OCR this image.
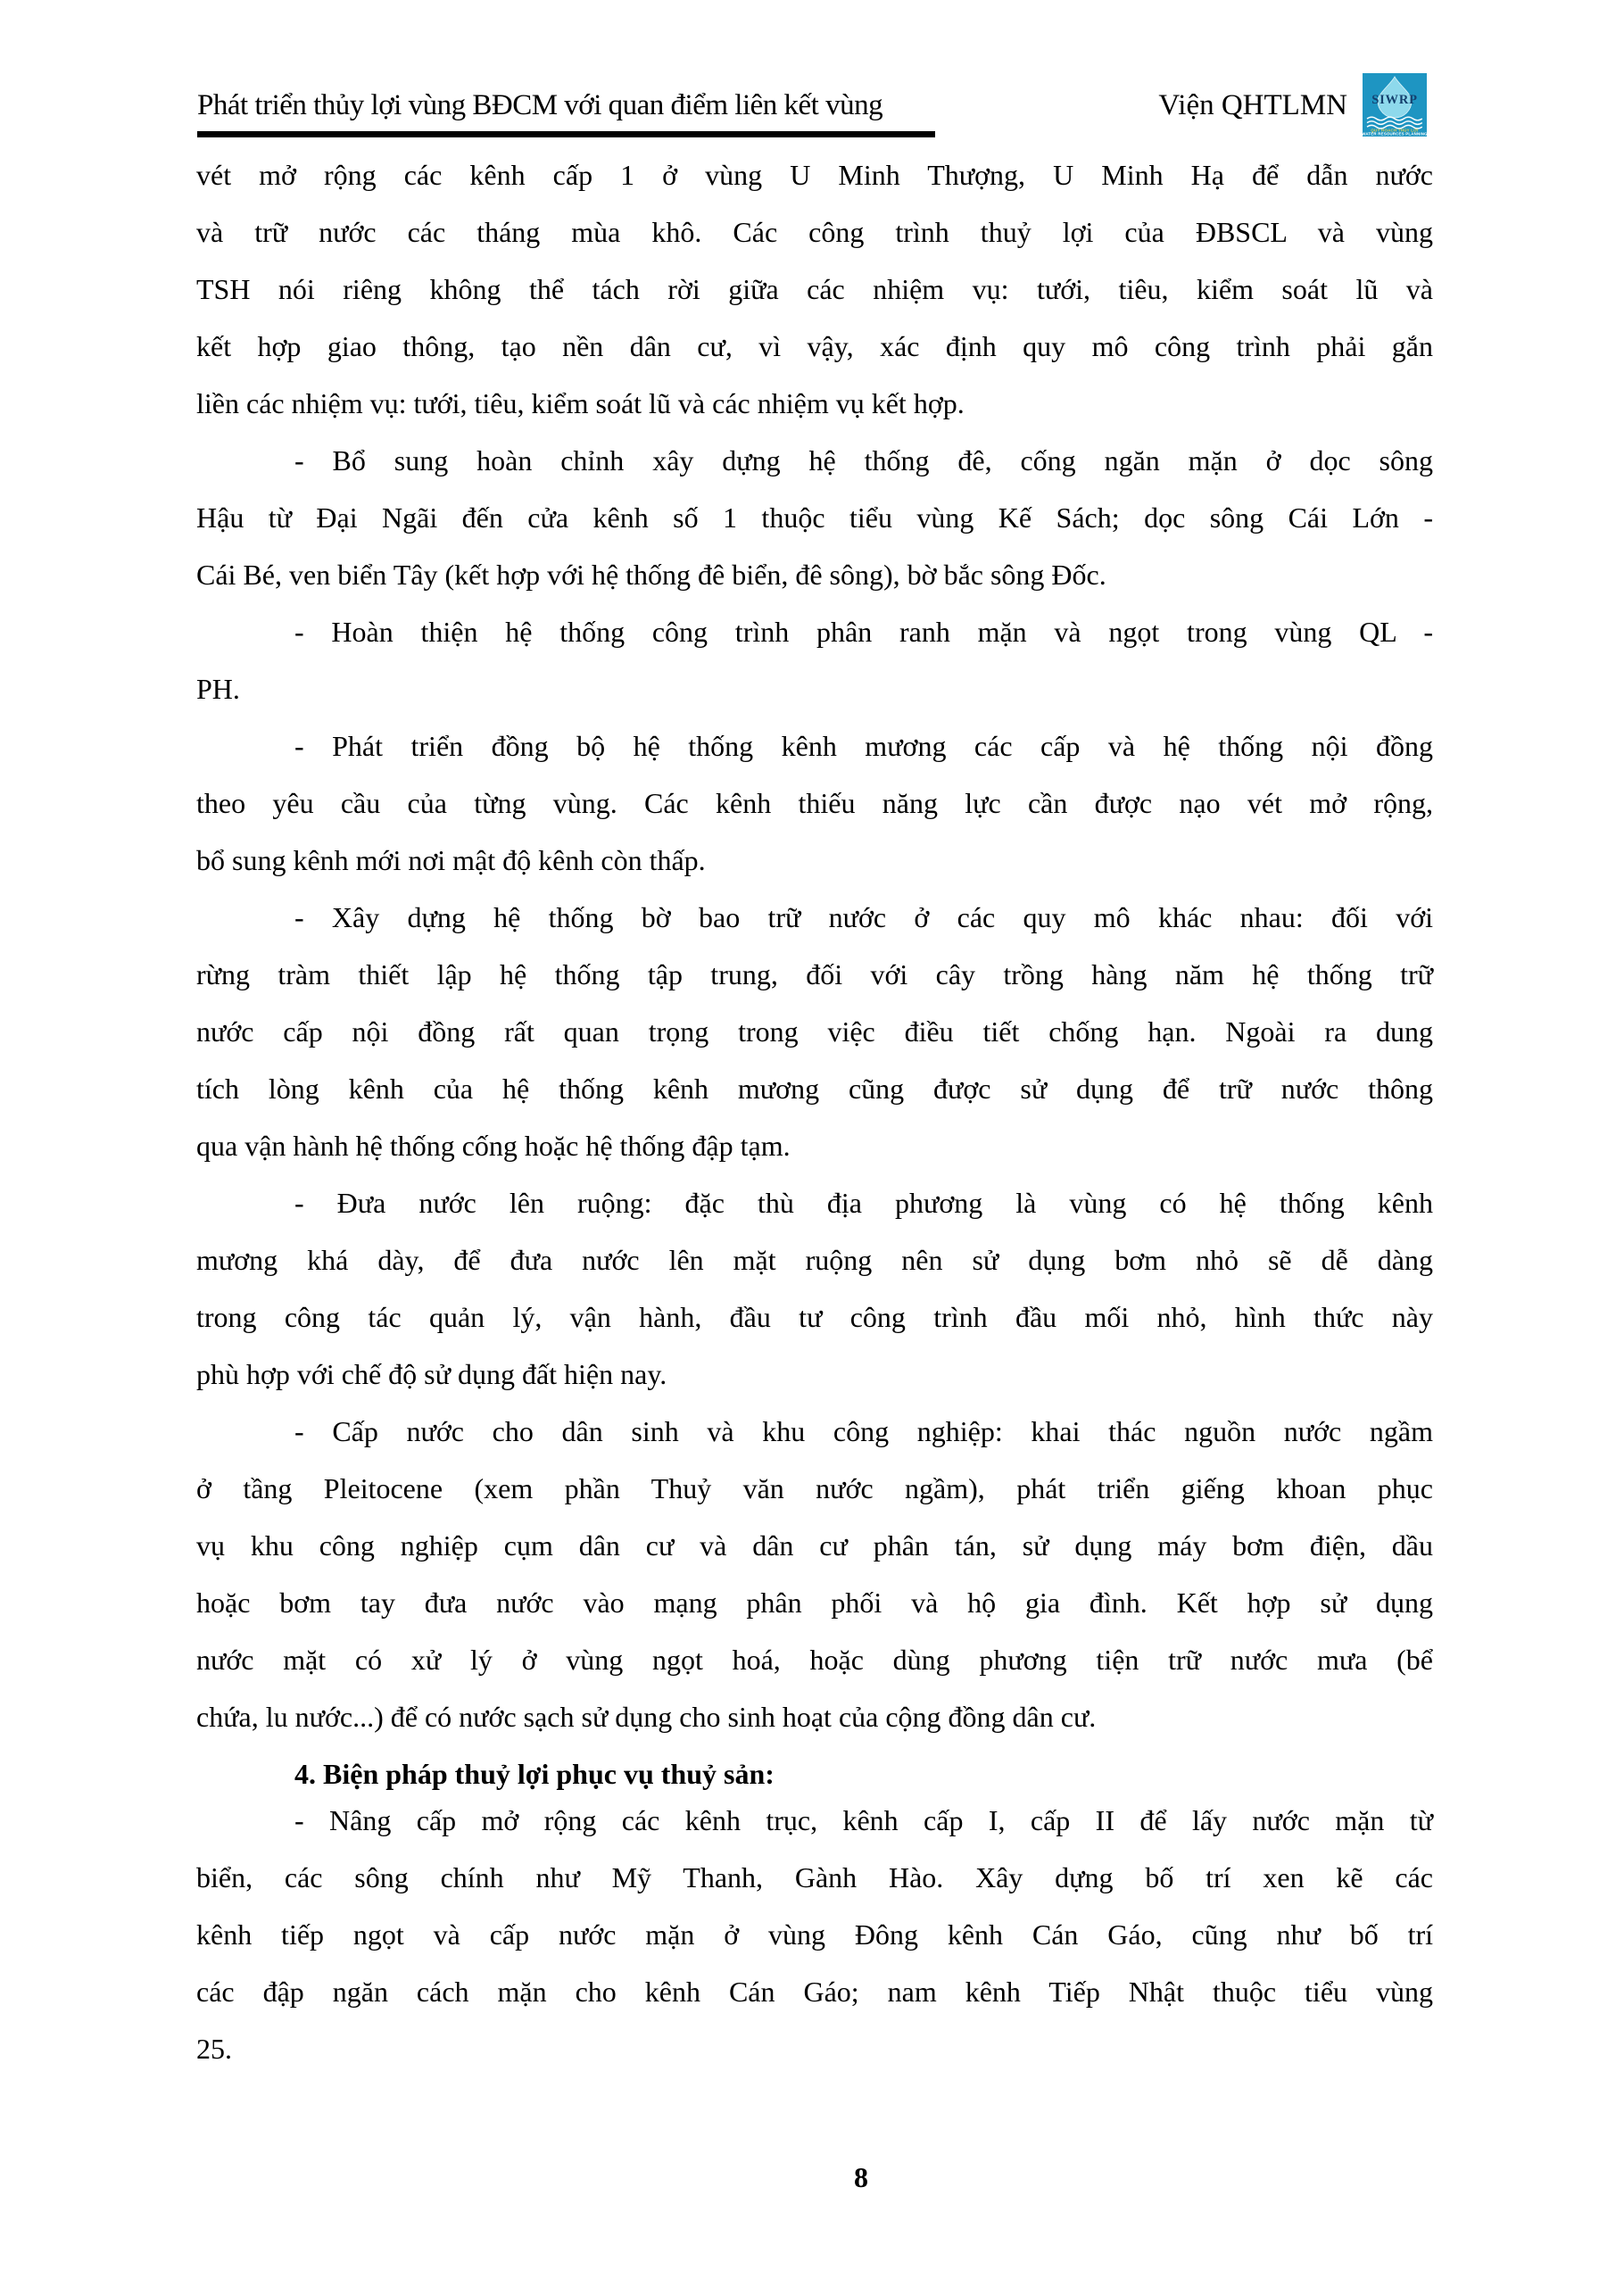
Phát triển thủy lợi vùng BĐCM với quan điểm liên kết vùng	Viện QHTLMN SIWRP
QUY HOẠCH THỦY LỢI
WATER RESOURCES PLANNING
vét mở rộng các kênh cấp 1 ở vùng U Minh Thượng, U Minh Hạ để dẫn nước
và trữ nước các tháng mùa khô. Các công trình thuỷ lợi của ĐBSCL và vùng
TSH nói riêng không thể tách rời giữa các nhiệm vụ: tưới, tiêu, kiểm soát lũ và
kết hợp giao thông, tạo nền dân cư, vì vậy, xác định quy mô công trình phải gắn
liền các nhiệm vụ: tưới, tiêu, kiểm soát lũ và các nhiệm vụ kết hợp.
- Bổ sung hoàn chỉnh xây dựng hệ thống đê, cống ngăn mặn ở dọc sông
Hậu từ Đại Ngãi đến cửa kênh số 1 thuộc tiểu vùng Kế Sách; dọc sông Cái Lớn -
Cái Bé, ven biển Tây (kết hợp với hệ thống đê biển, đê sông), bờ bắc sông Đốc.
- Hoàn thiện hệ thống công trình phân ranh mặn và ngọt trong vùng QL -
PH.
- Phát triển đồng bộ hệ thống kênh mương các cấp và hệ thống nội đồng
theo yêu cầu của từng vùng. Các kênh thiếu năng lực cần được nạo vét mở rộng,
bổ sung kênh mới nơi mật độ kênh còn thấp.
- Xây dựng hệ thống bờ bao trữ nước ở các quy mô khác nhau: đối với
rừng tràm thiết lập hệ thống tập trung, đối với cây trồng hàng năm hệ thống trữ
nước cấp nội đồng rất quan trọng trong việc điều tiết chống hạn. Ngoài ra dung
tích lòng kênh của hệ thống kênh mương cũng được sử dụng để trữ nước thông
qua vận hành hệ thống cống hoặc hệ thống đập tạm.
- Đưa nước lên ruộng: đặc thù địa phương là vùng có hệ thống kênh
mương khá dày, để đưa nước lên mặt ruộng nên sử dụng bơm nhỏ sẽ dễ dàng
trong công tác quản lý, vận hành, đầu tư công trình đầu mối nhỏ, hình thức này
phù hợp với chế độ sử dụng đất hiện nay.
- Cấp nước cho dân sinh và khu công nghiệp: khai thác nguồn nước ngầm
ở tầng Pleitocene (xem phần Thuỷ văn nước ngầm), phát triển giếng khoan phục
vụ khu công nghiệp cụm dân cư và dân cư phân tán, sử dụng máy bơm điện, dầu
hoặc bơm tay đưa nước vào mạng phân phối và hộ gia đình. Kết hợp sử dụng
nước mặt có xử lý ở vùng ngọt hoá, hoặc dùng phương tiện trữ nước mưa (bể
chứa, lu nước...) để có nước sạch sử dụng cho sinh hoạt của cộng đồng dân cư.
4. Biện pháp thuỷ lợi phục vụ thuỷ sản:
- Nâng cấp mở rộng các kênh trục, kênh cấp I, cấp II để lấy nước mặn từ
biển, các sông chính như Mỹ Thanh, Gành Hào. Xây dựng bố trí xen kẽ các
kênh tiếp ngọt và cấp nước mặn ở vùng Đông kênh Cán Gáo, cũng như bố trí
các đập ngăn cách mặn cho kênh Cán Gáo; nam kênh Tiếp Nhật thuộc tiểu vùng
25.
8
